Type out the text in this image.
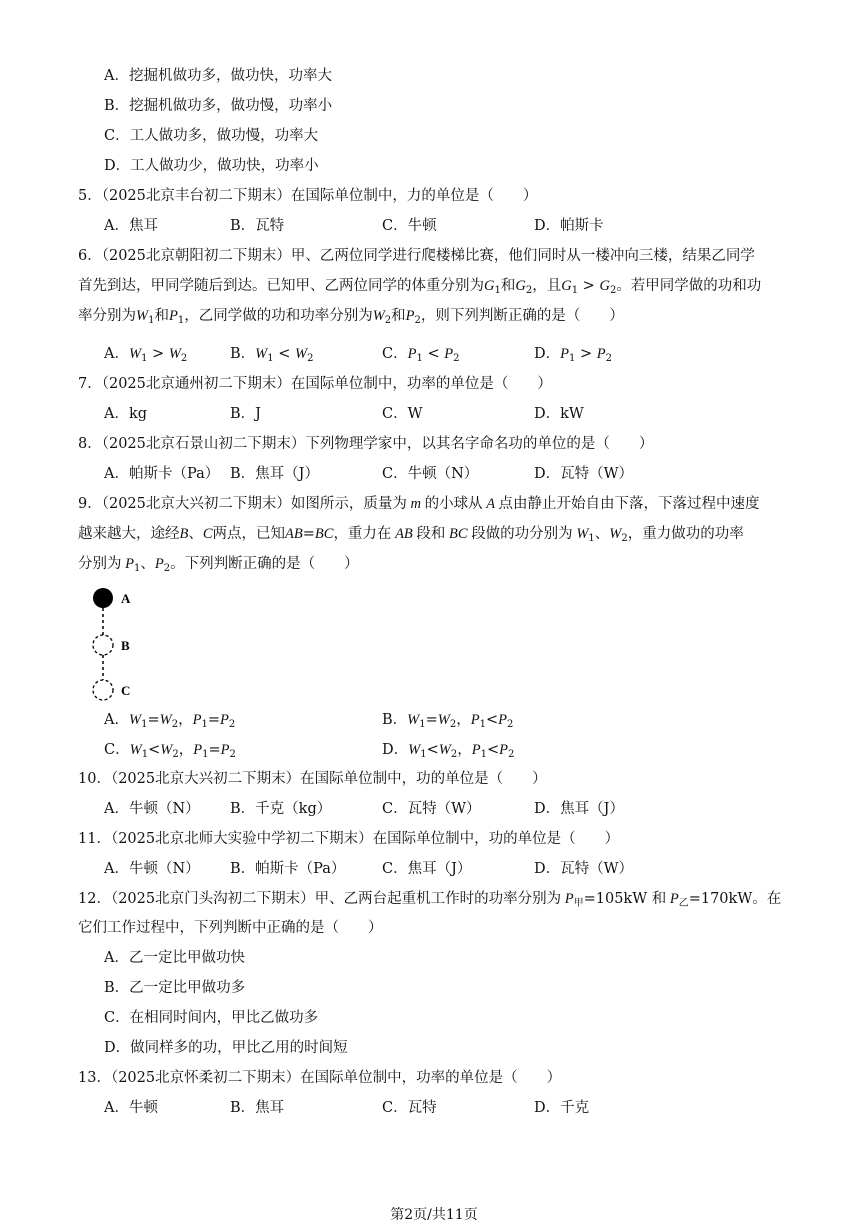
A．挖掘机做功多，做功快，功率大
B．挖掘机做功多，做功慢，功率小
C．工人做功多，做功慢，功率大
D．工人做功少，做功快，功率小
5．（2025北京丰台初二下期末）在国际单位制中，力的单位是（　　）
A．焦耳	B．瓦特	C．牛顿	D．帕斯卡
6．（2025北京朝阳初二下期末）甲、乙两位同学进行爬楼梯比赛，他们同时从一楼冲向三楼，结果乙同学
首先到达，甲同学随后到达。已知甲、乙两位同学的体重分别为$G_1$和$G_2$，且$G_1 > G_2$。若甲同学做的功和功
率分别为$W_1$和$P_1$，乙同学做的功和功率分别为$W_2$和$P_2$，则下列判断正确的是（　　）
A．$W_1 > W_2$	B．$W_1 < W_2$	C．$P_1 < P_2$	D．$P_1 > P_2$
7．（2025北京通州初二下期末）在国际单位制中，功率的单位是（　　）
A．kg	B．J	C．W	D．kW
8．（2025北京石景山初二下期末）下列物理学家中，以其名字命名功的单位的是（　　）
A．帕斯卡（Pa） B．焦耳（J）	C．牛顿（N）	D．瓦特（W）
9．（2025北京大兴初二下期末）如图所示，质量为 m 的小球从 A 点由静止开始自由下落，下落过程中速度
越来越大，途经B、C两点，已知AB=BC，重力在 AB 段和 BC 段做的功分别为 $W_1$、$W_2$，重力做功的功率
分别为 $P_1$、$P_2$。下列判断正确的是（　　）
A
B
C
A．$W_1=W_2$，$P_1=P_2$	B．$W_1=W_2$，$P_1<P_2$
C．$W_1<W_2$，$P_1=P_2$	D．$W_1<W_2$，$P_1<P_2$
10．（2025北京大兴初二下期末）在国际单位制中，功的单位是（　　）
A．牛顿（N） B．千克（kg）	C．瓦特（W）	D．焦耳（J）
11．（2025北京北师大实验中学初二下期末）在国际单位制中，功的单位是（　　）
A．牛顿（N） B．帕斯卡（Pa）	C．焦耳（J）	D．瓦特（W）
12．（2025北京门头沟初二下期末）甲、乙两台起重机工作时的功率分别为 $P_甲=105kW$ 和 $P_乙=170kW$。在
它们工作过程中，下列判断中正确的是（　　）
A．乙一定比甲做功快
B．乙一定比甲做功多
C．在相同时间内，甲比乙做功多
D．做同样多的功，甲比乙用的时间短
13．（2025北京怀柔初二下期末）在国际单位制中，功率的单位是（　　）
A．牛顿	B．焦耳	C．瓦特	D．千克
第2页/共11页
